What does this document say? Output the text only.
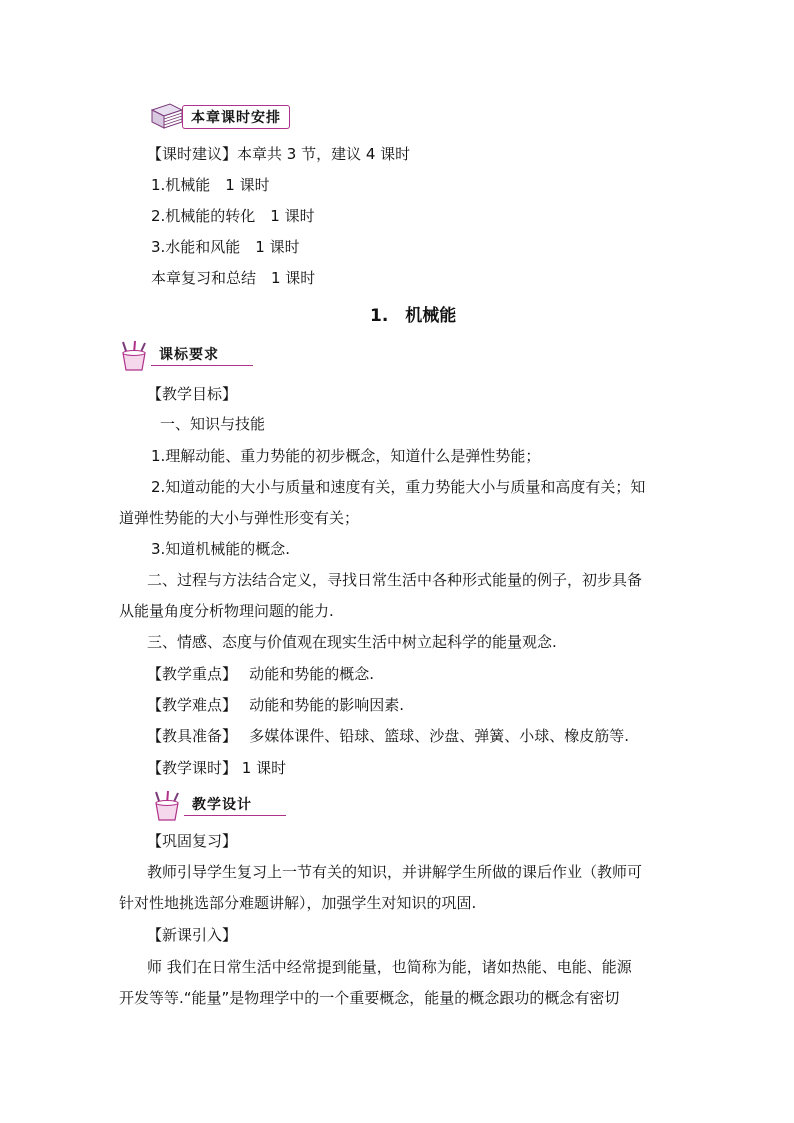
本章课时安排
【课时建议】本章共 3 节，建议 4 课时
1.机械能　1 课时
2.机械能的转化　1 课时
3.水能和风能　1 课时
本章复习和总结　1 课时
1.　机械能
课标要求
【教学目标】
一、知识与技能
1.理解动能、重力势能的初步概念，知道什么是弹性势能；
2.知道动能的大小与质量和速度有关，重力势能大小与质量和高度有关；知
道弹性势能的大小与弹性形变有关；
3.知道机械能的概念.
二、过程与方法结合定义，寻找日常生活中各种形式能量的例子，初步具备
从能量角度分析物理问题的能力.
三、情感、态度与价值观在现实生活中树立起科学的能量观念.
【教学重点】　 动能和势能的概念.
【教学难点】　 动能和势能的影响因素.
【教具准备】　 多媒体课件、铅球、篮球、沙盘、弹簧、小球、橡皮筋等.
【教学课时】 1 课时
教学设计
【巩固复习】
教师引导学生复习上一节有关的知识，并讲解学生所做的课后作业（教师可
针对性地挑选部分难题讲解），加强学生对知识的巩固.
【新课引入】
师 我们在日常生活中经常提到能量，也简称为能，诸如热能、电能、能源
开发等等.“能量”是物理学中的一个重要概念，能量的概念跟功的概念有密切
